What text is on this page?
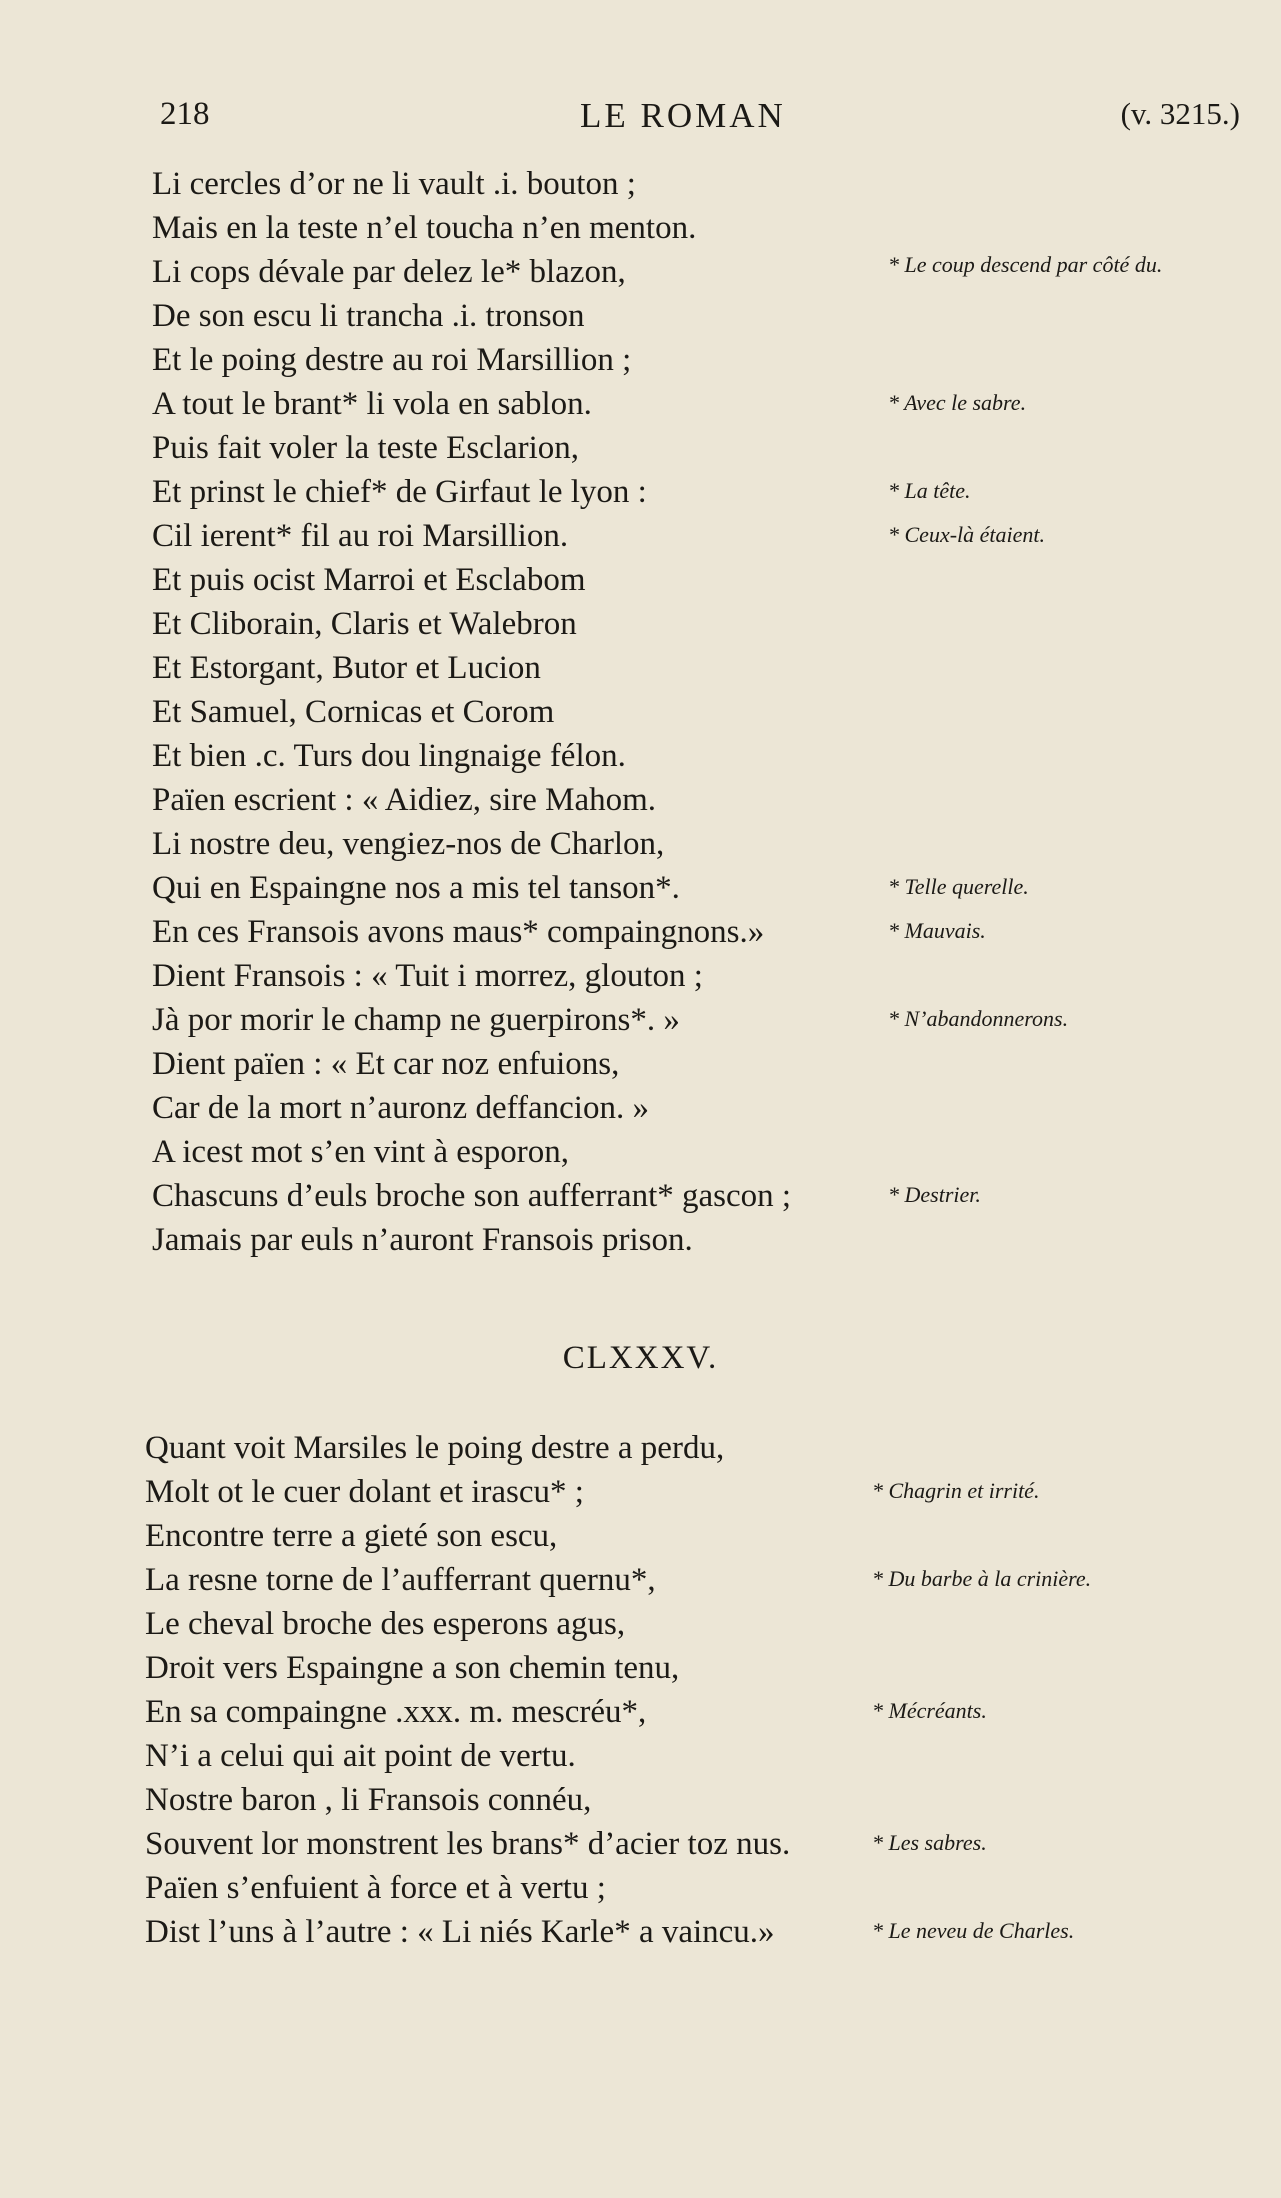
218	LE ROMAN	(v. 3215.)
Li cercles d’or ne li vault .i. bouton ;
Mais en la teste n’el toucha n’en menton.
Li cops dévale par delez le* blazon,	* Le coup descend par côté du.
De son escu li trancha .i. tronson
Et le poing destre au roi Marsillion ;
A tout le brant* li vola en sablon.	* Avec le sabre.
Puis fait voler la teste Esclarion,
Et prinst le chief* de Girfaut le lyon :	* La tête.
Cil ierent* fil au roi Marsillion.	* Ceux-là étaient.
Et puis ocist Marroi et Esclabom
Et Cliborain, Claris et Walebron
Et Estorgant, Butor et Lucion
Et Samuel, Cornicas et Corom
Et bien .c. Turs dou lingnaige félon.
Païen escrient : « Aidiez, sire Mahom.
Li nostre deu, vengiez-nos de Charlon,
Qui en Espaingne nos a mis tel tanson*.	* Telle querelle.
En ces Fransois avons maus* compaingnons.»	* Mauvais.
Dient Fransois : « Tuit i morrez, glouton ;
Jà por morir le champ ne guerpirons*. »	* N’abandonnerons.
Dient païen : « Et car noz enfuions,
Car de la mort n’auronz deffancion. »
A icest mot s’en vint à esporon,
Chascuns d’euls broche son aufferrant* gascon ;	* Destrier.
Jamais par euls n’auront Fransois prison.
CLXXXV.
Quant voit Marsiles le poing destre a perdu,
Molt ot le cuer dolant et irascu* ;	* Chagrin et irrité.
Encontre terre a gieté son escu,
La resne torne de l’aufferrant quernu*,	* Du barbe à la crinière.
Le cheval broche des esperons agus,
Droit vers Espaingne a son chemin tenu,
En sa compaingne .xxx. m. mescréu*,	* Mécréants.
N’i a celui qui ait point de vertu.
Nostre baron , li Fransois connéu,
Souvent lor monstrent les brans* d’acier toz nus.	* Les sabres.
Païen s’enfuient à force et à vertu ;
Dist l’uns à l’autre : « Li niés Karle* a vaincu.»	* Le neveu de Charles.
